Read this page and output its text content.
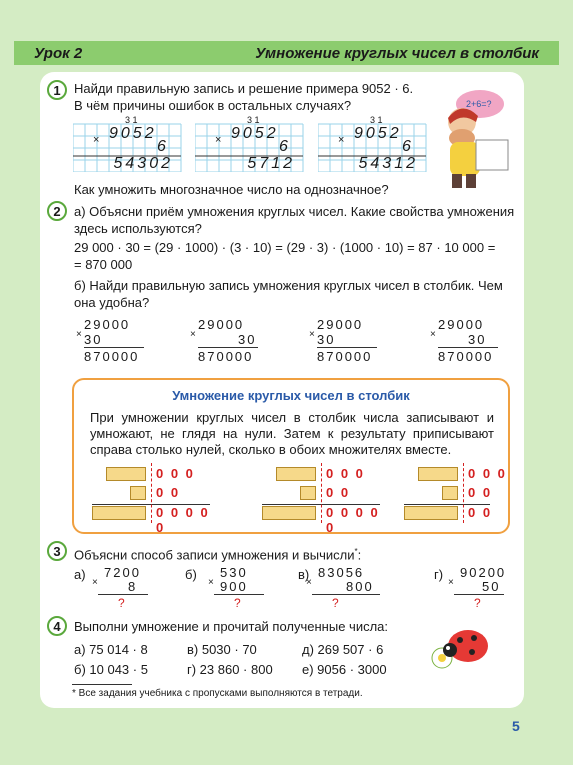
Урок 2	Умножение круглых чисел в столбик
1	Найди правильную запись и решение примера 9052 · 6.
В чём причины ошибок в остальных случаях?
3 1
× 9052
6
54302
3 1
× 9052
6
5712
3 1
× 9052
6
54312
Как умножить многозначное число на однозначное?
2+6=?
2	а) Объясни приём умножения круглых чисел. Какие свойства умножения
здесь используются?
29 000 · 30 = (29 · 1000) · (3 · 10) = (29 · 3) · (1000 · 10) = 87 · 10 000 =
= 870 000
б) Найди правильную запись умножения круглых чисел в столбик. Чем
она удобна?
×
29000
30
870000
×
29000
30
870000
×
29000
30
870000
×
29000
30
870000
Умножение круглых чисел в столбик
При умножении круглых чисел в столбик числа записывают и умножают, не глядя на нули. Затем к результату приписывают справа столько нулей, сколько в обоих множителях вместе.
0 0 0
0 0
0 0 0 0 0
0 0 0
0 0
0 0 0 0 0
0 0 0
0 0
0 0
3	Объясни способ записи умножения и вычисли*:
а)
×
7200
8
?
б)
×
530
900
?
в)
×
83056
800
?
г)
×
90200
50
?
4	Выполни умножение и прочитай полученные числа:
а) 75 014 · 8	в) 5030 · 70	д) 269 507 · 6
б) 10 043 · 5	г) 23 860 · 800 е) 9056 · 3000
* Все задания учебника с пропусками выполняются в тетради.
5
